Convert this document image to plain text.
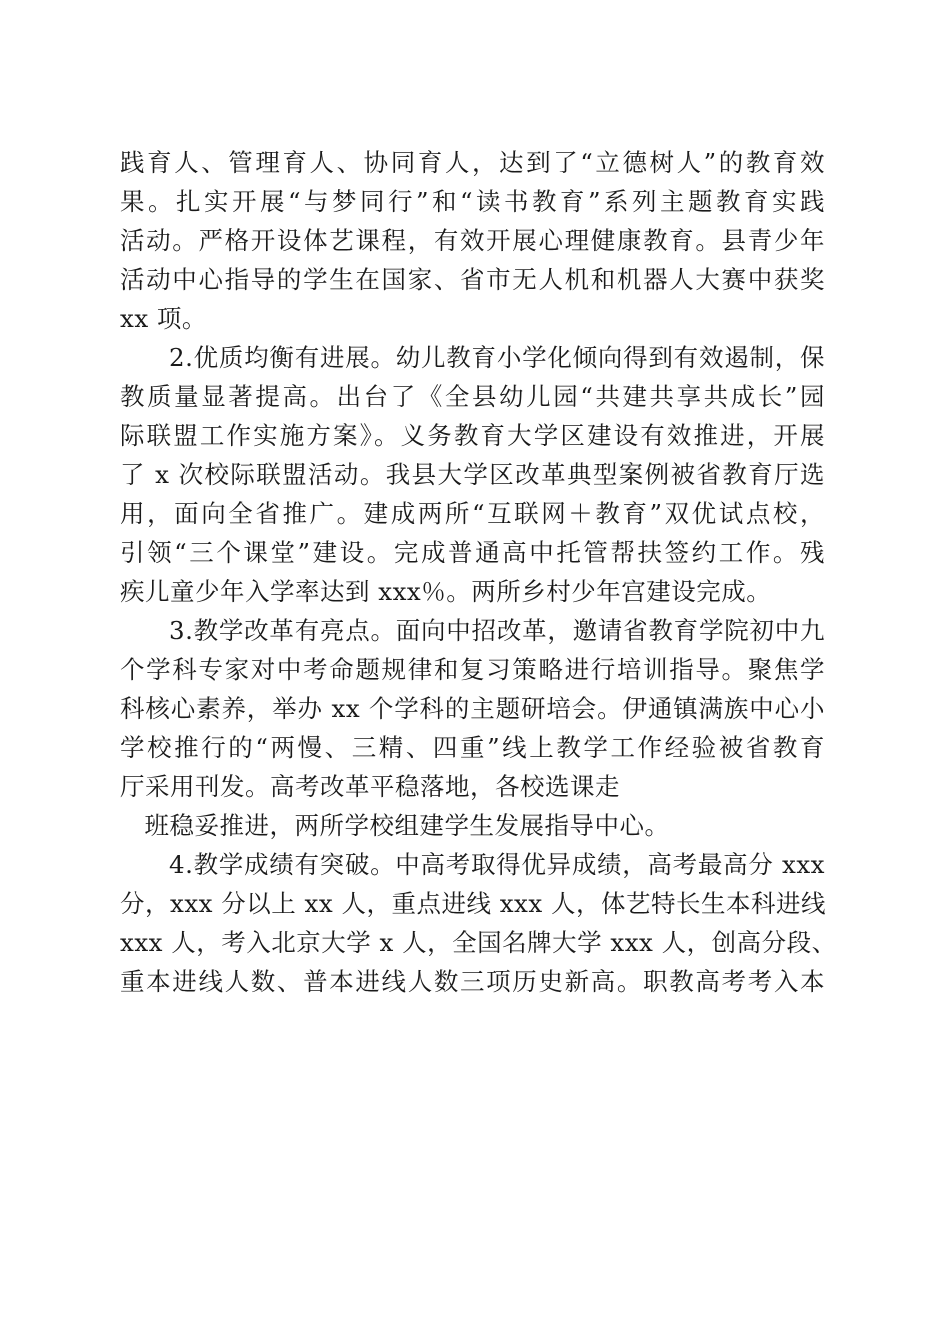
践育人、管理育人、协同育人，达到了“立德树人”的教育效
果。扎实开展“与梦同行”和“读书教育”系列主题教育实践
活动。严格开设体艺课程，有效开展心理健康教育。县青少年
活动中心指导的学生在国家、省市无人机和机器人大赛中获奖
xx 项。

2.优质均衡有进展。幼儿教育小学化倾向得到有效遏制，保
教质量显著提高。出台了《全县幼儿园“共建共享共成长”园
际联盟工作实施方案》。义务教育大学区建设有效推进，开展
了 x 次校际联盟活动。我县大学区改革典型案例被省教育厅选
用，面向全省推广。建成两所“互联网＋教育”双优试点校，
引领“三个课堂”建设。完成普通高中托管帮扶签约工作。残
疾儿童少年入学率达到 xxx％。两所乡村少年宫建设完成。

3.教学改革有亮点。面向中招改革，邀请省教育学院初中九
个学科专家对中考命题规律和复习策略进行培训指导。聚焦学
科核心素养，举办 xx 个学科的主题研培会。伊通镇满族中心小
学校推行的“两慢、三精、四重”线上教学工作经验被省教育
厅采用刊发。高考改革平稳落地，各校选课走

班稳妥推进，两所学校组建学生发展指导中心。

4.教学成绩有突破。中高考取得优异成绩，高考最高分 xxx
分，xxx 分以上 xx 人，重点进线 xxx 人，体艺特长生本科进线
xxx 人，考入北京大学 x 人，全国名牌大学 xxx 人，创高分段、
重本进线人数、普本进线人数三项历史新高。职教高考考入本
